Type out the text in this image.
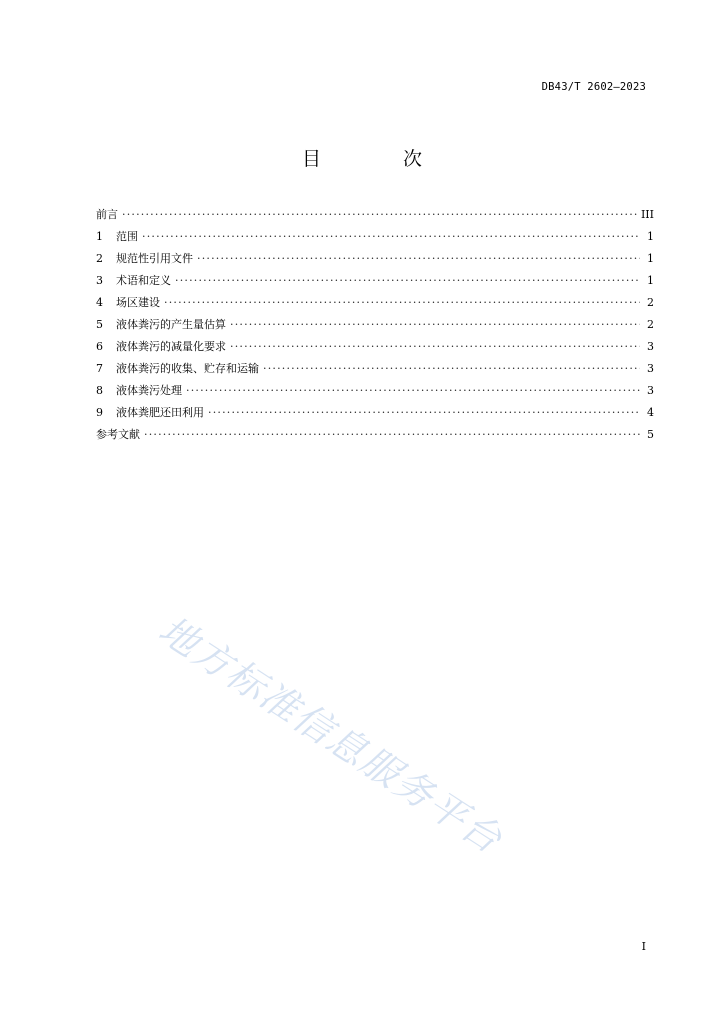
DB43/T 2602—2023
目 次
前言 ·····	III
1	范围 ·····	1
2	规范性引用文件 ·····	1
3	术语和定义 ·····	1
4	场区建设 ·····	2
5	液体粪污的产生量估算 ·····	2
6	液体粪污的减量化要求 ·····	3
7	液体粪污的收集、贮存和运输 ·····	3
8	液体粪污处理 ·····	3
9	液体粪肥还田利用 ·····	4
参考文献 ·····	5
地方标准信息服务平台
I
